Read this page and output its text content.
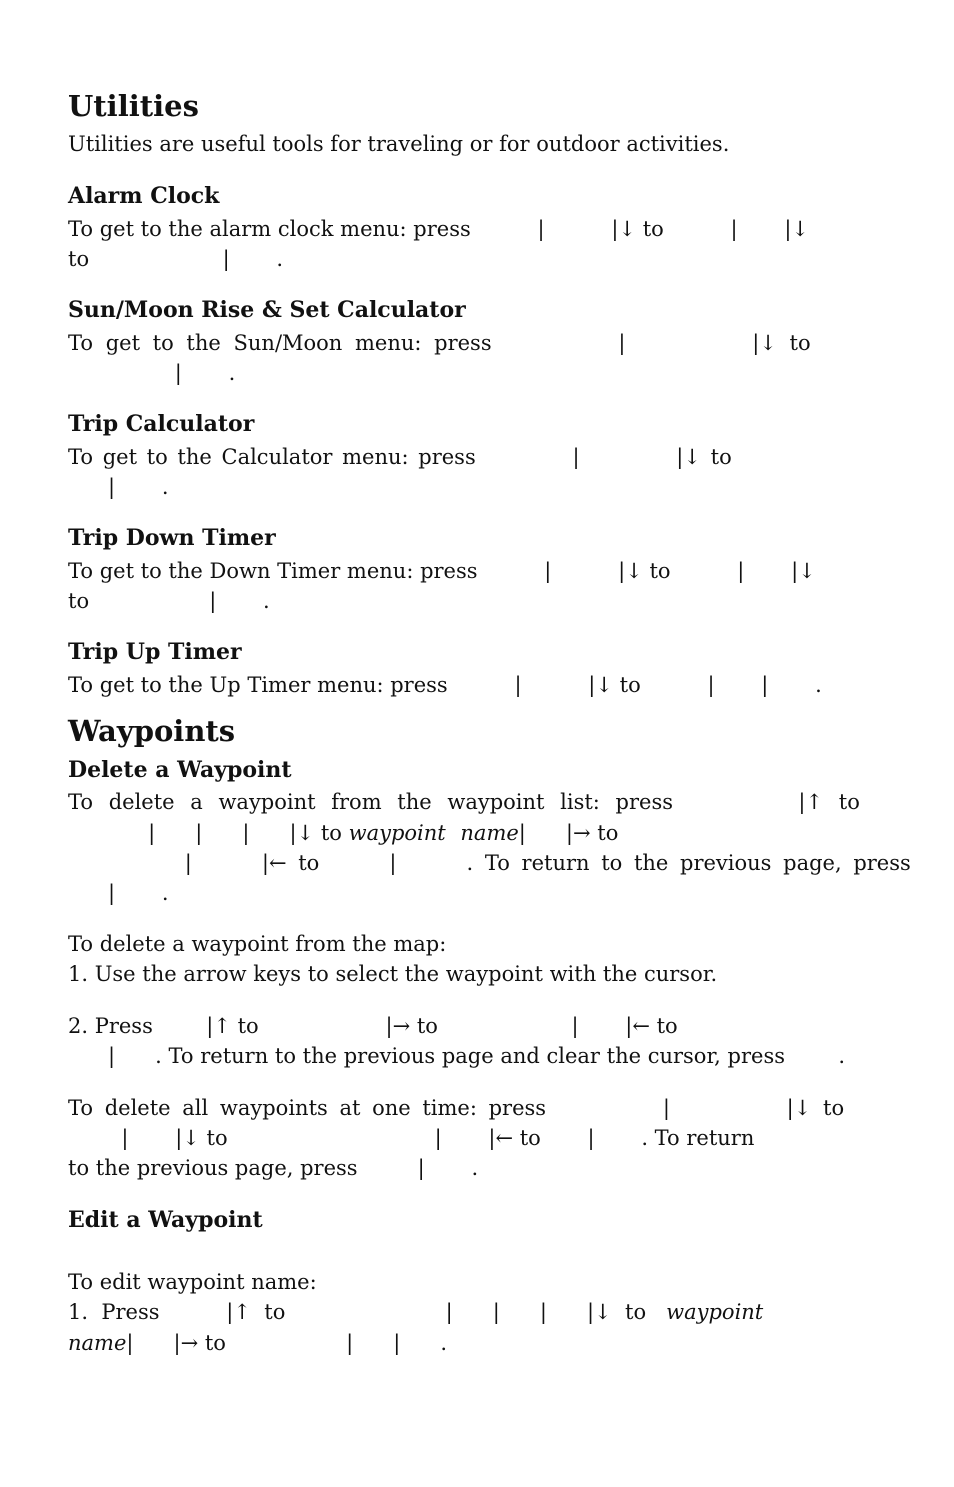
Utilities

Utilities are useful tools for traveling or for outdoor activities.

Alarm Clock

To get to the alarm clock menu: press          |          |↓ to          |       |↓

to                    |       .

Sun/Moon Rise & Set Calculator

To get to the Sun/Moon menu: press          |          |↓ to

|       .

Trip Calculator

To get to the Calculator menu: press          |          |↓ to

|       .

Trip Down Timer

To get to the Down Timer menu: press          |          |↓ to          |       |↓

to                  |       .

Trip Up Timer

To get to the Up Timer menu: press          |          |↓ to          |       |       .

Waypoints
Delete a Waypoint

To delete a waypoint from the waypoint list: press        |↑ to

|      |      |      |↓ to waypoint name|      |→ to

|      |← to      |      . To return to the previous page, press

|       .

To delete a waypoint from the map:

1. Use the arrow keys to select the waypoint with the cursor.

2. Press        |↑ to                   |→ to                    |       |← to

|      . To return to the previous page and clear the cursor, press        .

To delete all waypoints at one time: press          |          |↓ to

|       |↓ to                               |       |← to       |       . To return

to the previous page, press         |       .

Edit a Waypoint

To edit waypoint name:

1.  Press          |↑  to                        |      |      |      |↓  to waypoint

name|      |→ to                  |      |      .
